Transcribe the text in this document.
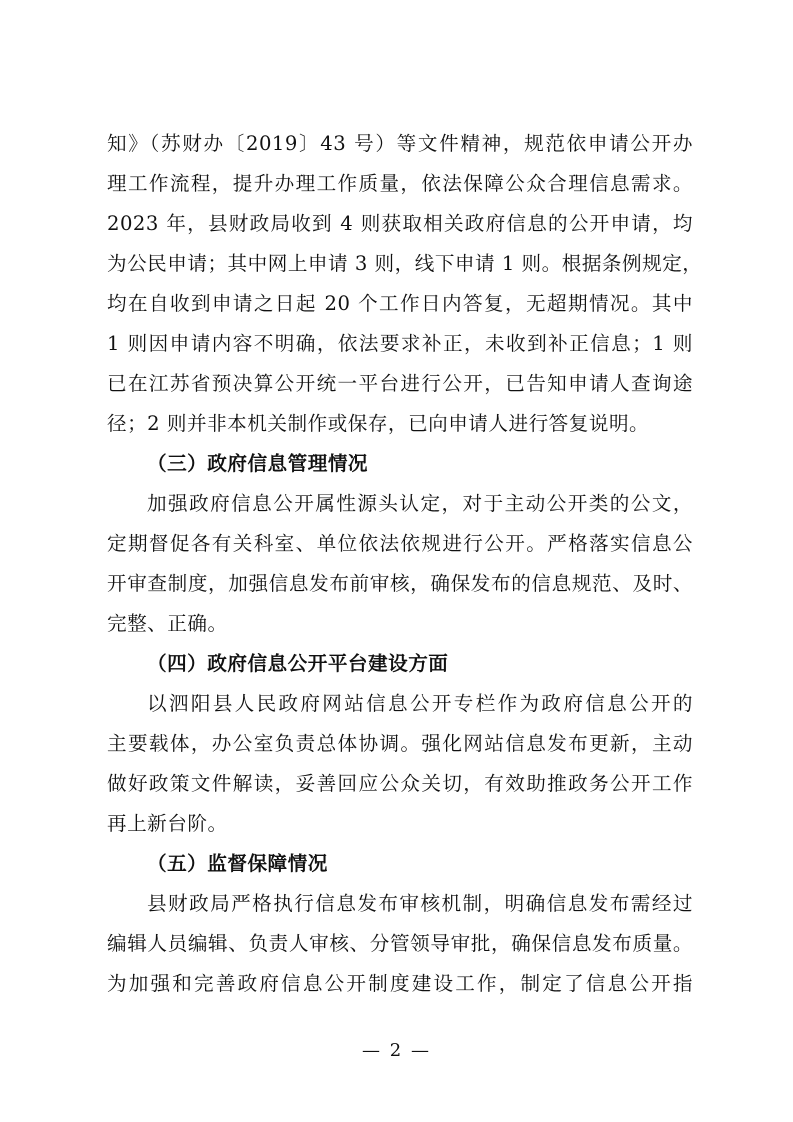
知》（苏财办〔2019〕43 号）等文件精神，规范依申请公开办
理工作流程，提升办理工作质量，依法保障公众合理信息需求。
2023 年，县财政局收到 4 则获取相关政府信息的公开申请，均
为公民申请；其中网上申请 3 则，线下申请 1 则。根据条例规定，
均在自收到申请之日起 20 个工作日内答复，无超期情况。其中
1 则因申请内容不明确，依法要求补正，未收到补正信息；1 则
已在江苏省预决算公开统一平台进行公开，已告知申请人查询途
径；2 则并非本机关制作或保存，已向申请人进行答复说明。
（三）政府信息管理情况
加强政府信息公开属性源头认定，对于主动公开类的公文，
定期督促各有关科室、单位依法依规进行公开。严格落实信息公
开审查制度，加强信息发布前审核，确保发布的信息规范、及时、
完整、正确。
（四）政府信息公开平台建设方面
以泗阳县人民政府网站信息公开专栏作为政府信息公开的
主要载体，办公室负责总体协调。强化网站信息发布更新，主动
做好政策文件解读，妥善回应公众关切，有效助推政务公开工作
再上新台阶。
（五）监督保障情况
县财政局严格执行信息发布审核机制，明确信息发布需经过
编辑人员编辑、负责人审核、分管领导审批，确保信息发布质量。
为加强和完善政府信息公开制度建设工作，制定了信息公开指
— 2 —
